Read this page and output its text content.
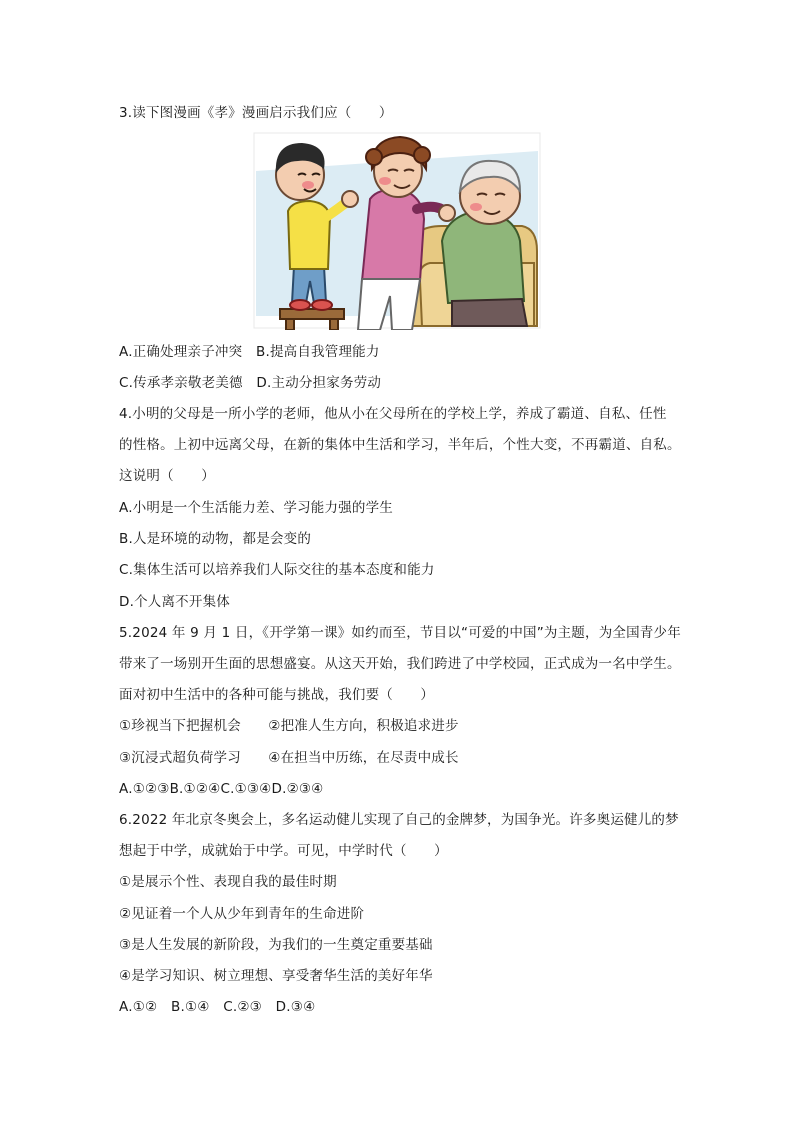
3.读下图漫画《孝》漫画启示我们应（　　）
A.正确处理亲子冲突　B.提高自我管理能力
C.传承孝亲敬老美德　D.主动分担家务劳动
4.小明的父母是一所小学的老师，他从小在父母所在的学校上学，养成了霸道、自私、任性
的性格。上初中远离父母，在新的集体中生活和学习，半年后，个性大变，不再霸道、自私。
这说明（　　）
A.小明是一个生活能力差、学习能力强的学生
B.人是环境的动物，都是会变的
C.集体生活可以培养我们人际交往的基本态度和能力
D.个人离不开集体
5.2024 年 9 月 1 日，《开学第一课》如约而至，节目以“可爱的中国”为主题，为全国青少年
带来了一场别开生面的思想盛宴。从这天开始，我们跨进了中学校园，正式成为一名中学生。
面对初中生活中的各种可能与挑战，我们要（　　）
①珍视当下把握机会　　②把准人生方向，积极追求进步
③沉浸式超负荷学习　　④在担当中历练，在尽责中成长
A.①②③B.①②④C.①③④D.②③④
6.2022 年北京冬奥会上，多名运动健儿实现了自己的金牌梦，为国争光。许多奥运健儿的梦
想起于中学，成就始于中学。可见，中学时代（　　）
①是展示个性、表现自我的最佳时期
②见证着一个人从少年到青年的生命进阶
③是人生发展的新阶段，为我们的一生奠定重要基础
④是学习知识、树立理想、享受奢华生活的美好年华
A.①②　B.①④　C.②③　D.③④
